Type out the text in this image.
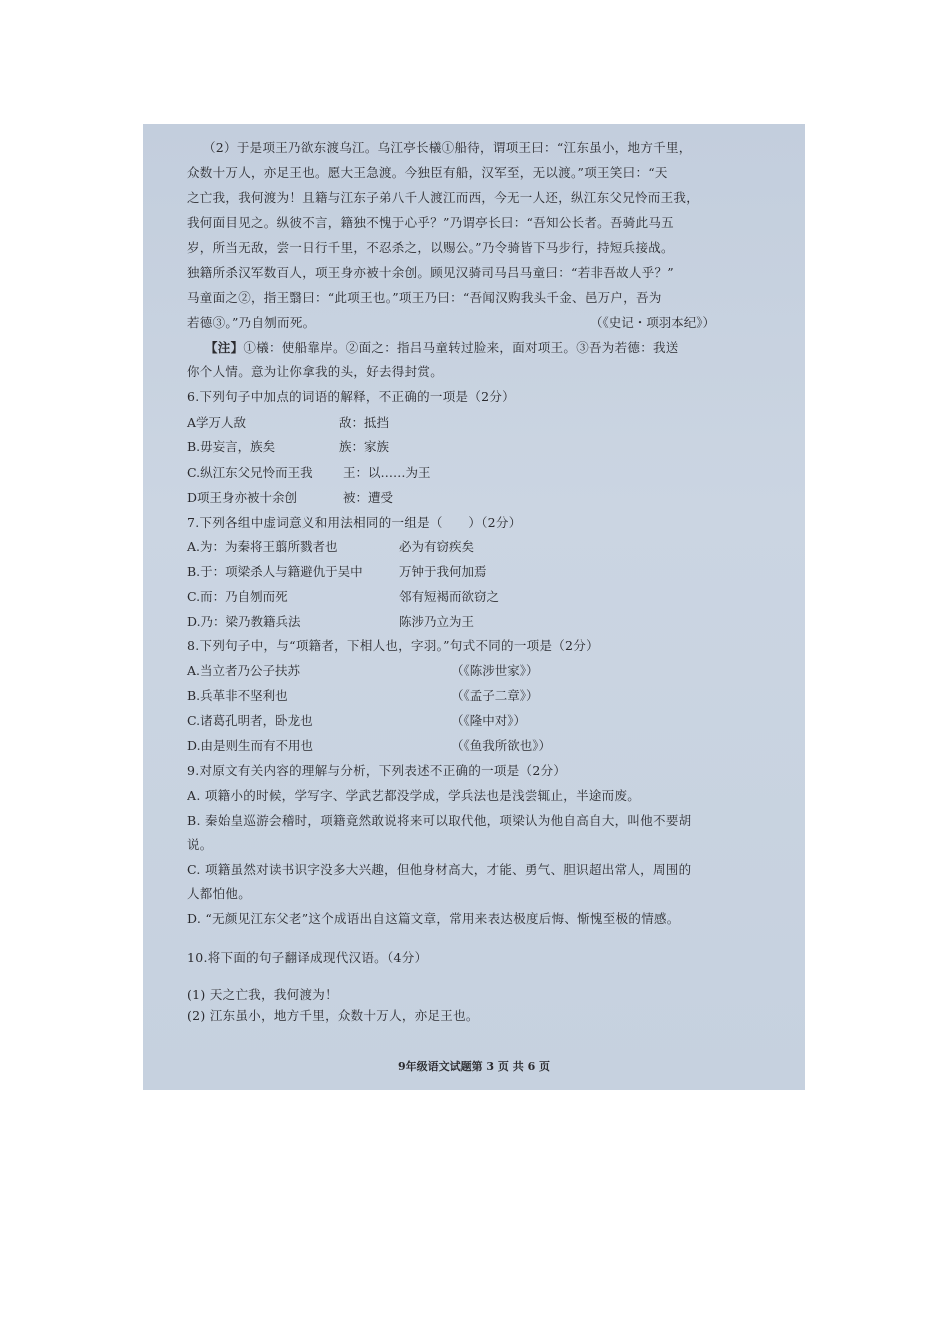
（2）于是项王乃欲东渡乌江。乌江亭长檥①船待，谓项王曰：“江东虽小，地方千里，
众数十万人，亦足王也。愿大王急渡。今独臣有船，汉军至，无以渡。”项王笑曰：“天
之亡我，我何渡为！且籍与江东子弟八千人渡江而西，今无一人还，纵江东父兄怜而王我，
我何面目见之。纵彼不言，籍独不愧于心乎？”乃谓亭长曰：“吾知公长者。吾骑此马五
岁，所当无敌，尝一日行千里，不忍杀之，以赐公。”乃令骑皆下马步行，持短兵接战。
独籍所杀汉军数百人，项王身亦被十余创。顾见汉骑司马吕马童曰：“若非吾故人乎？”
马童面之②，指王翳曰：“此项王也。”项王乃曰：“吾闻汉购我头千金、邑万户，吾为
若德③。”乃自刎而死。	（《史记・项羽本纪》）
【注】①檥：使船靠岸。②面之：指吕马童转过脸来，面对项王。③吾为若德：我送
你个人情。意为让你拿我的头，好去得封赏。
6.下列句子中加点的词语的解释，不正确的一项是（2分）
A学万人敌	敌：抵挡
B.毋妄言，族矣	族：家族
C.纵江东父兄怜而王我 王：以……为王
D项王身亦被十余创	被：遭受
7.下列各组中虚词意义和用法相同的一组是（　　）（2分）
A.为：为秦将王翦所戮者也	必为有窃疾矣
B.于：项梁杀人与籍避仇于吴中	万钟于我何加焉
C.而：乃自刎而死	邻有短褐而欲窃之
D.乃：梁乃教籍兵法	陈涉乃立为王
8.下列句子中，与“项籍者，下相人也，字羽。”句式不同的一项是（2分）
A.当立者乃公子扶苏	（《陈涉世家》）
B.兵革非不坚利也	（《孟子二章》）
C.诸葛孔明者，卧龙也	（《隆中对》）
D.由是则生而有不用也	（《鱼我所欲也》）
9.对原文有关内容的理解与分析，下列表述不正确的一项是（2分）
A. 项籍小的时候，学写字、学武艺都没学成，学兵法也是浅尝辄止，半途而废。
B. 秦始皇巡游会稽时，项籍竟然敢说将来可以取代他，项梁认为他自高自大，叫他不要胡
说。
C. 项籍虽然对读书识字没多大兴趣，但他身材高大，才能、勇气、胆识超出常人，周围的
人都怕他。
D. “无颜见江东父老”这个成语出自这篇文章，常用来表达极度后悔、惭愧至极的情感。
10.将下面的句子翻译成现代汉语。（4分）
(1) 天之亡我，我何渡为！
(2) 江东虽小，地方千里，众数十万人，亦足王也。
9年级语文试题第 3 页 共 6 页
